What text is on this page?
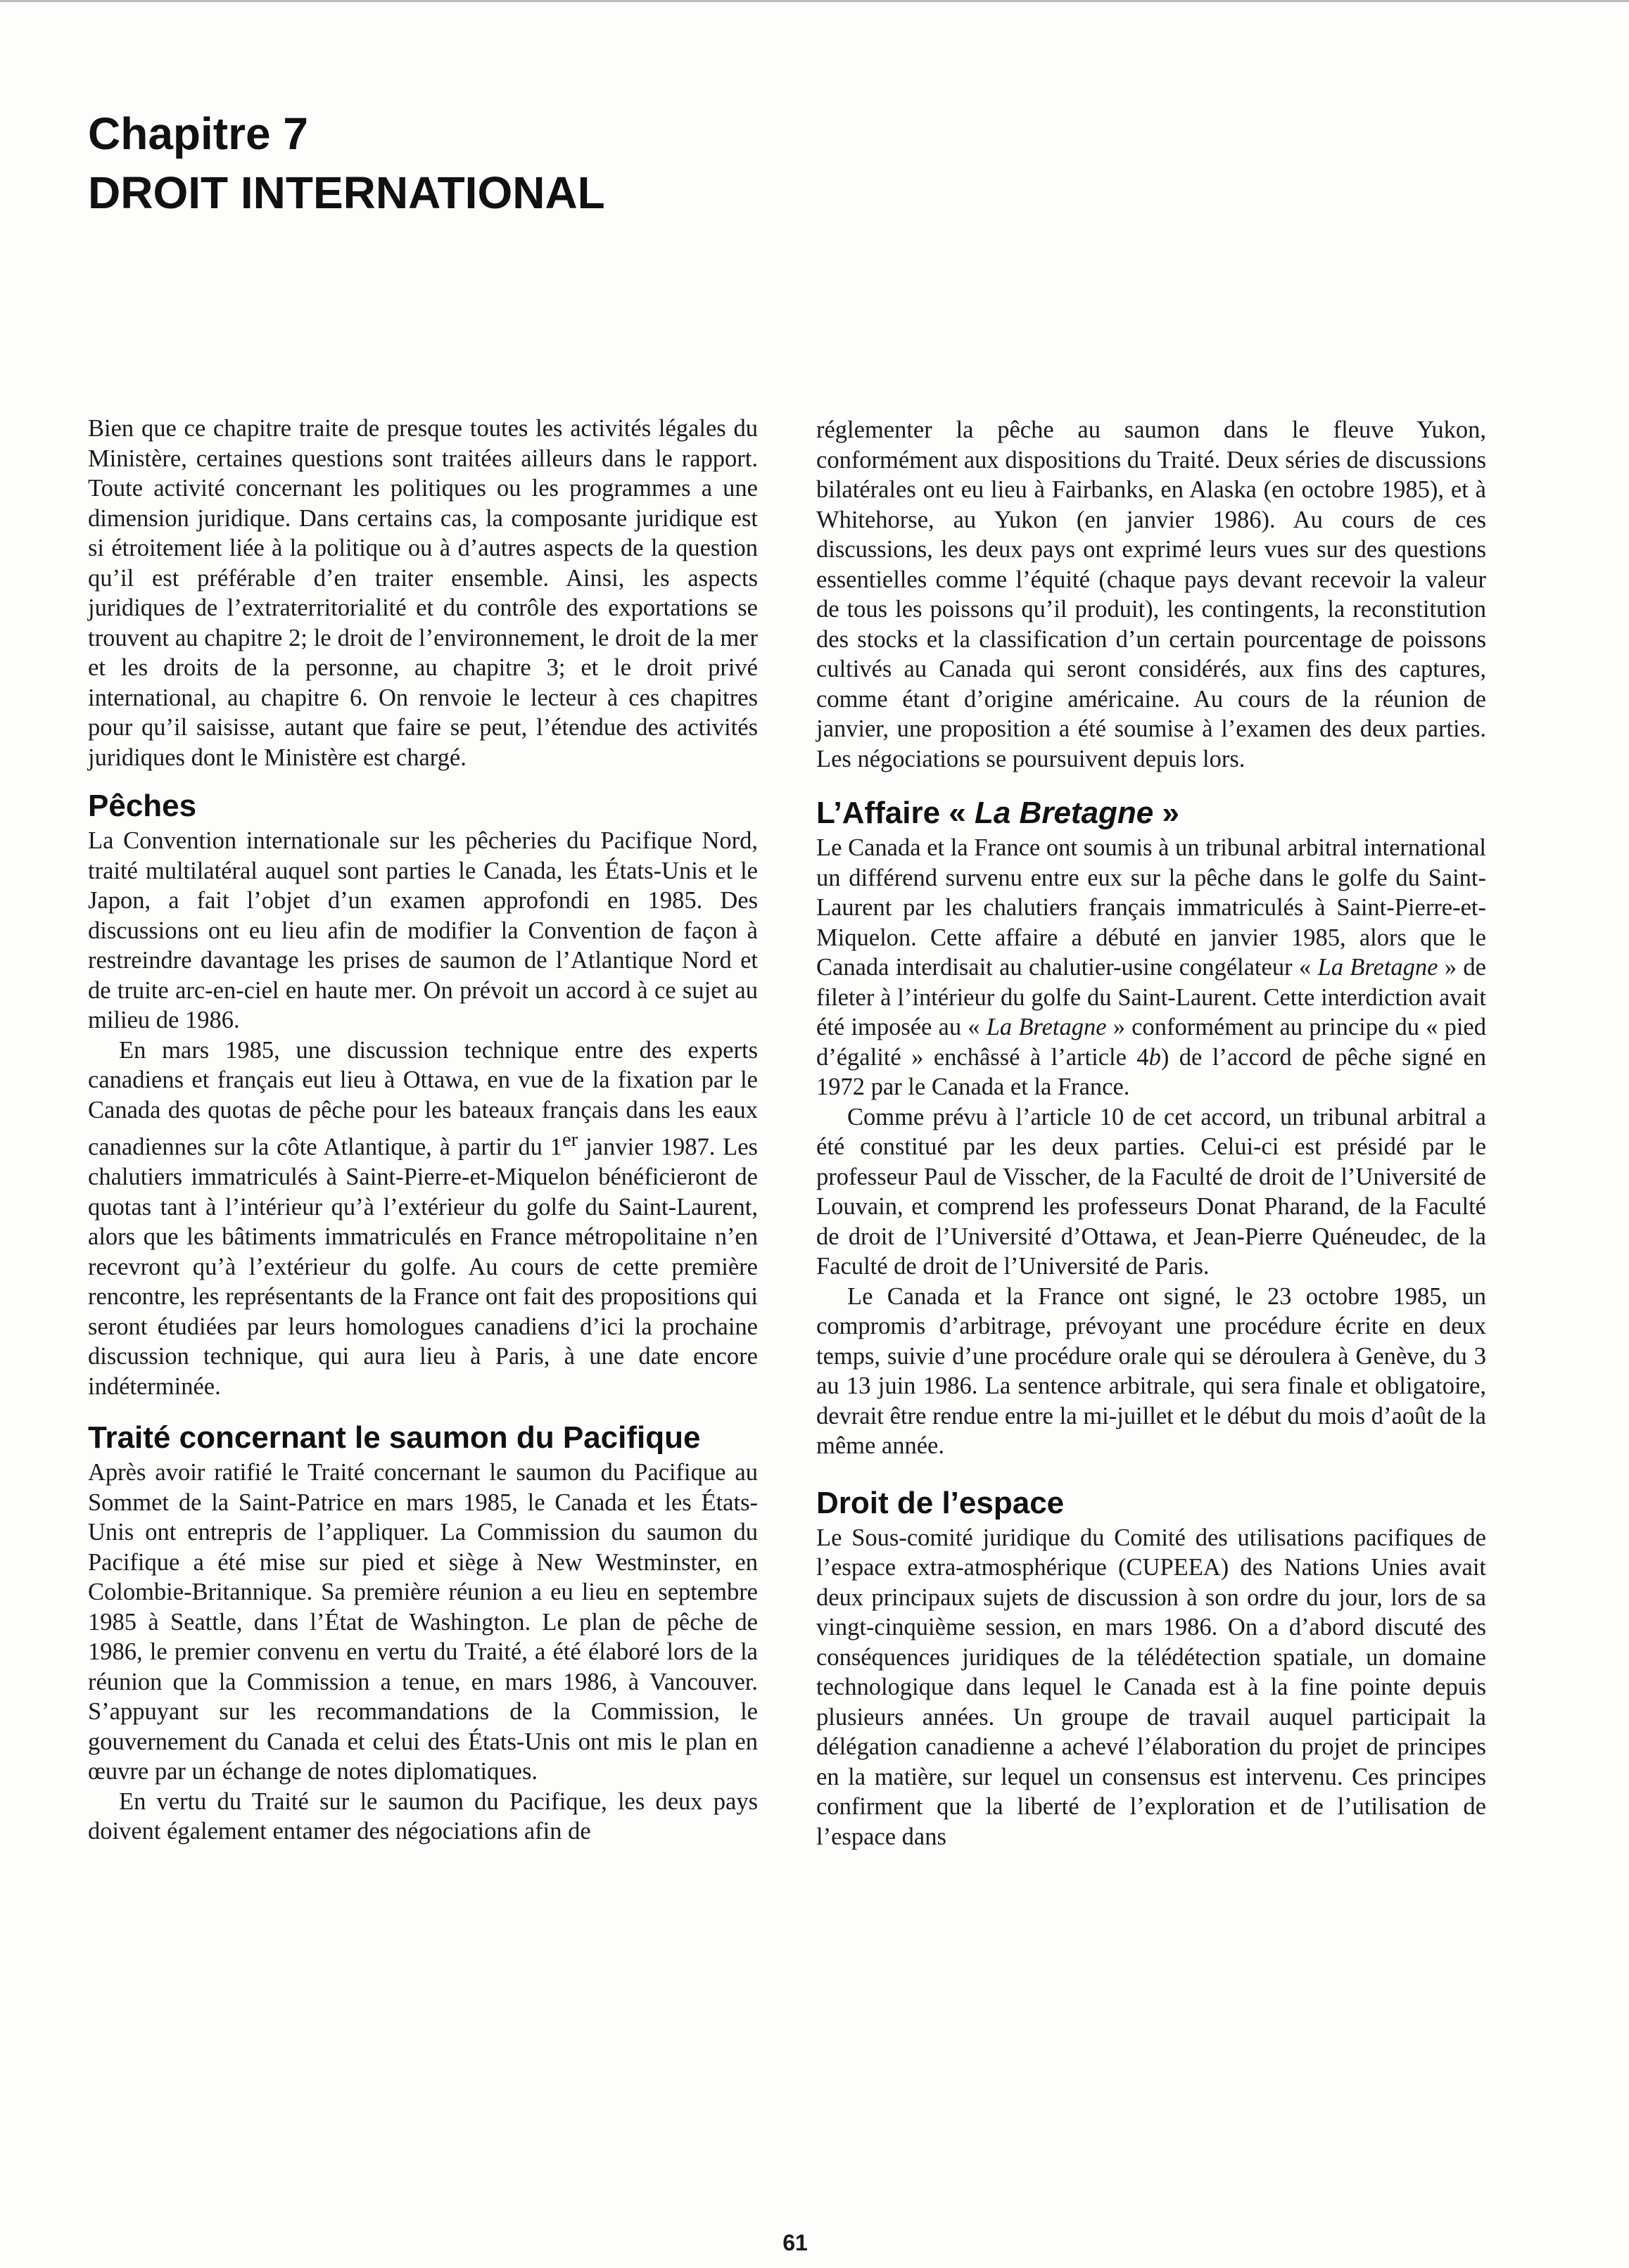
Chapitre 7
DROIT INTERNATIONAL

Bien que ce chapitre traite de presque toutes les activités légales du Ministère, certaines questions sont traitées ailleurs dans le rapport. Toute activité concernant les politiques ou les programmes a une dimension juridique. Dans certains cas, la composante juridique est si étroitement liée à la politique ou à d’autres aspects de la question qu’il est préférable d’en traiter ensemble. Ainsi, les aspects juridiques de l’extraterritorialité et du contrôle des exportations se trouvent au chapitre 2; le droit de l’environnement, le droit de la mer et les droits de la personne, au chapitre 3; et le droit privé international, au chapitre 6. On renvoie le lecteur à ces chapitres pour qu’il saisisse, autant que faire se peut, l’étendue des activités juridiques dont le Ministère est chargé.

Pêches

La Convention internationale sur les pêcheries du Pacifique Nord, traité multilatéral auquel sont parties le Canada, les États-Unis et le Japon, a fait l’objet d’un examen approfondi en 1985. Des discussions ont eu lieu afin de modifier la Convention de façon à restreindre davantage les prises de saumon de l’Atlantique Nord et de truite arc-en-ciel en haute mer. On prévoit un accord à ce sujet au milieu de 1986.

En mars 1985, une discussion technique entre des experts canadiens et français eut lieu à Ottawa, en vue de la fixation par le Canada des quotas de pêche pour les bateaux français dans les eaux canadiennes sur la côte Atlantique, à partir du 1er janvier 1987. Les chalutiers immatriculés à Saint-Pierre-et-Miquelon bénéficieront de quotas tant à l’intérieur qu’à l’extérieur du golfe du Saint-Laurent, alors que les bâtiments immatriculés en France métropolitaine n’en recevront qu’à l’extérieur du golfe. Au cours de cette première rencontre, les représentants de la France ont fait des propositions qui seront étudiées par leurs homologues canadiens d’ici la prochaine discussion technique, qui aura lieu à Paris, à une date encore indéterminée.

Traité concernant le saumon du Pacifique

Après avoir ratifié le Traité concernant le saumon du Pacifique au Sommet de la Saint-Patrice en mars 1985, le Canada et les États-Unis ont entrepris de l’appliquer. La Commission du saumon du Pacifique a été mise sur pied et siège à New Westminster, en Colombie-Britannique. Sa première réunion a eu lieu en septembre 1985 à Seattle, dans l’État de Washington. Le plan de pêche de 1986, le premier convenu en vertu du Traité, a été élaboré lors de la réunion que la Commission a tenue, en mars 1986, à Vancouver. S’appuyant sur les recommandations de la Commission, le gouvernement du Canada et celui des États-Unis ont mis le plan en œuvre par un échange de notes diplomatiques.

En vertu du Traité sur le saumon du Pacifique, les deux pays doivent également entamer des négociations afin de

réglementer la pêche au saumon dans le fleuve Yukon, conformément aux dispositions du Traité. Deux séries de discussions bilatérales ont eu lieu à Fairbanks, en Alaska (en octobre 1985), et à Whitehorse, au Yukon (en janvier 1986). Au cours de ces discussions, les deux pays ont exprimé leurs vues sur des questions essentielles comme l’équité (chaque pays devant recevoir la valeur de tous les poissons qu’il produit), les contingents, la reconstitution des stocks et la classification d’un certain pourcentage de poissons cultivés au Canada qui seront considérés, aux fins des captures, comme étant d’origine américaine. Au cours de la réunion de janvier, une proposition a été soumise à l’examen des deux parties. Les négociations se poursuivent depuis lors.

L’Affaire « La Bretagne »

Le Canada et la France ont soumis à un tribunal arbitral international un différend survenu entre eux sur la pêche dans le golfe du Saint-Laurent par les chalutiers français immatriculés à Saint-Pierre-et-Miquelon. Cette affaire a débuté en janvier 1985, alors que le Canada interdisait au chalutier-usine congélateur « La Bretagne » de fileter à l’intérieur du golfe du Saint-Laurent. Cette interdiction avait été imposée au « La Bretagne » conformément au principe du « pied d’égalité » enchâssé à l’article 4b) de l’accord de pêche signé en 1972 par le Canada et la France.

Comme prévu à l’article 10 de cet accord, un tribunal arbitral a été constitué par les deux parties. Celui-ci est présidé par le professeur Paul de Visscher, de la Faculté de droit de l’Université de Louvain, et comprend les professeurs Donat Pharand, de la Faculté de droit de l’Université d’Ottawa, et Jean-Pierre Quéneudec, de la Faculté de droit de l’Université de Paris.

Le Canada et la France ont signé, le 23 octobre 1985, un compromis d’arbitrage, prévoyant une procédure écrite en deux temps, suivie d’une procédure orale qui se déroulera à Genève, du 3 au 13 juin 1986. La sentence arbitrale, qui sera finale et obligatoire, devrait être rendue entre la mi-juillet et le début du mois d’août de la même année.

Droit de l’espace

Le Sous-comité juridique du Comité des utilisations pacifiques de l’espace extra-atmosphérique (CUPEEA) des Nations Unies avait deux principaux sujets de discussion à son ordre du jour, lors de sa vingt-cinquième session, en mars 1986. On a d’abord discuté des conséquences juridiques de la télédétection spatiale, un domaine technologique dans lequel le Canada est à la fine pointe depuis plusieurs années. Un groupe de travail auquel participait la délégation canadienne a achevé l’élaboration du projet de principes en la matière, sur lequel un consensus est intervenu. Ces principes confirment que la liberté de l’exploration et de l’utilisation de l’espace dans

61
